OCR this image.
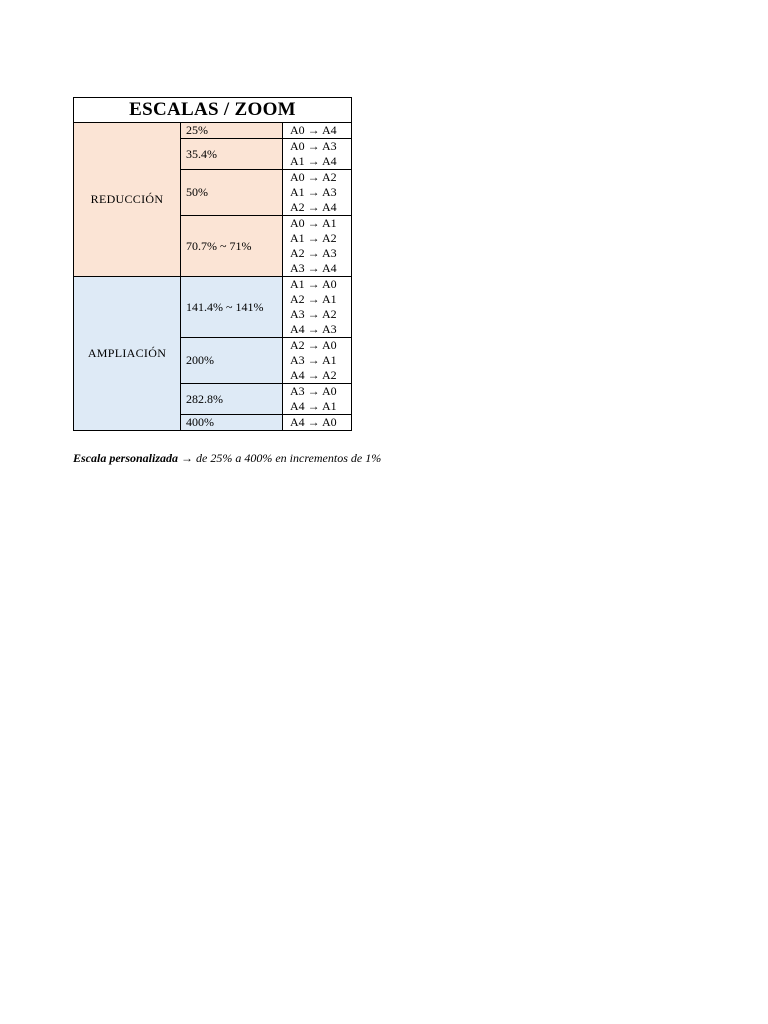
ESCALAS / ZOOM		
REDUCCIÓN	25%	A0 → A4

	35.4%	A0 → A3
A1 → A4

	50%	A0 → A2
A1 → A3
A2 → A4

	70.7% ~ 71%	A0 → A1
A1 → A2
A2 → A3
A3 → A4

AMPLIACIÓN	141.4% ~ 141%	A1 → A0
A2 → A1
A3 → A2
A4 → A3

	200%	A2 → A0
A3 → A1
A4 → A2

	282.8%	A3 → A0
A4 → A1

	400%	A4 → A0
Escala personalizada → de 25% a 400% en incrementos de 1%
